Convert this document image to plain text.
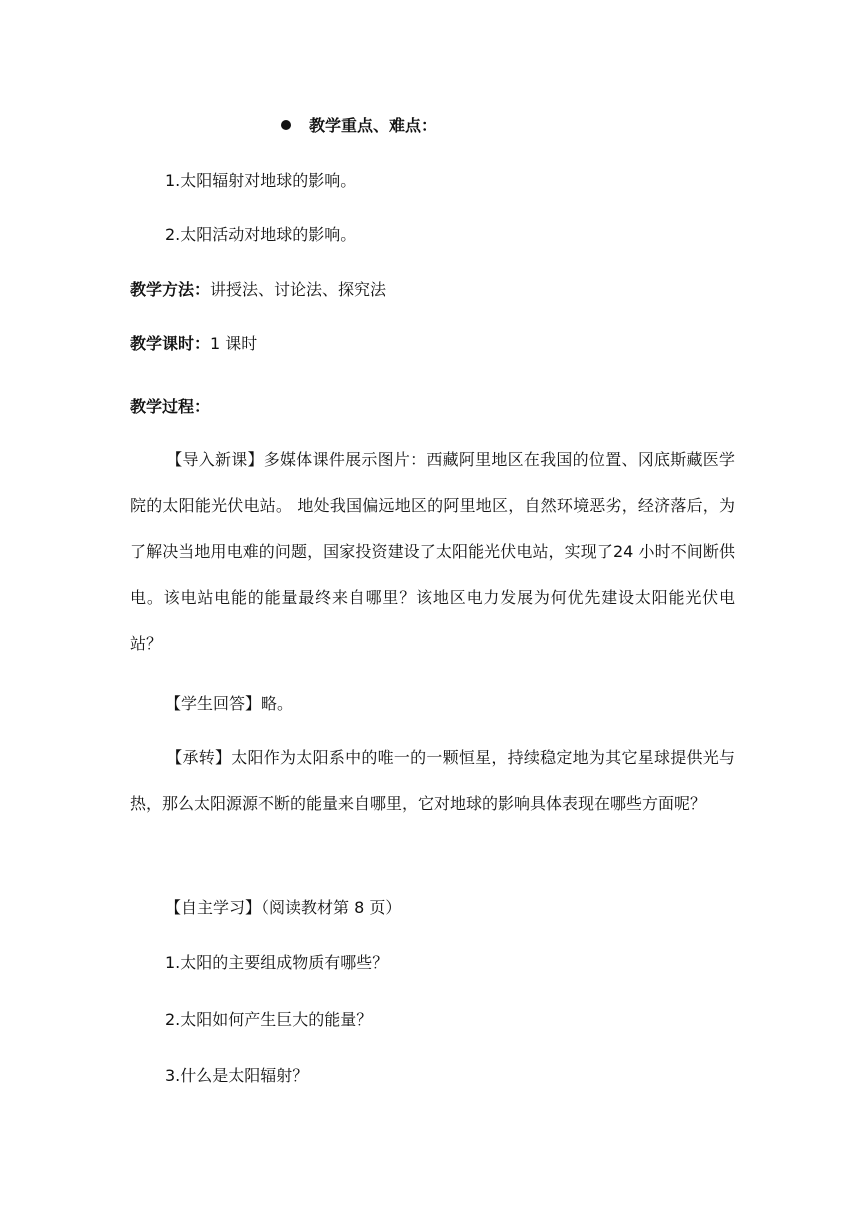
教学重点、难点：
1.太阳辐射对地球的影响。
2.太阳活动对地球的影响。
教学方法：讲授法、讨论法、探究法
教学课时：1 课时
教学过程：
【导入新课】多媒体课件展示图片：西藏阿里地区在我国的位置、冈底斯藏医学院的太阳能光伏电站。 地处我国偏远地区的阿里地区，自然环境恶劣，经济落后，为了解决当地用电难的问题，国家投资建设了太阳能光伏电站，实现了24 小时不间断供电。该电站电能的能量最终来自哪里？该地区电力发展为何优先建设太阳能光伏电站？
【学生回答】略。
【承转】太阳作为太阳系中的唯一的一颗恒星，持续稳定地为其它星球提供光与热，那么太阳源源不断的能量来自哪里，它对地球的影响具体表现在哪些方面呢？
【自主学习】（阅读教材第 8 页）
1.太阳的主要组成物质有哪些？
2.太阳如何产生巨大的能量？
3.什么是太阳辐射？
